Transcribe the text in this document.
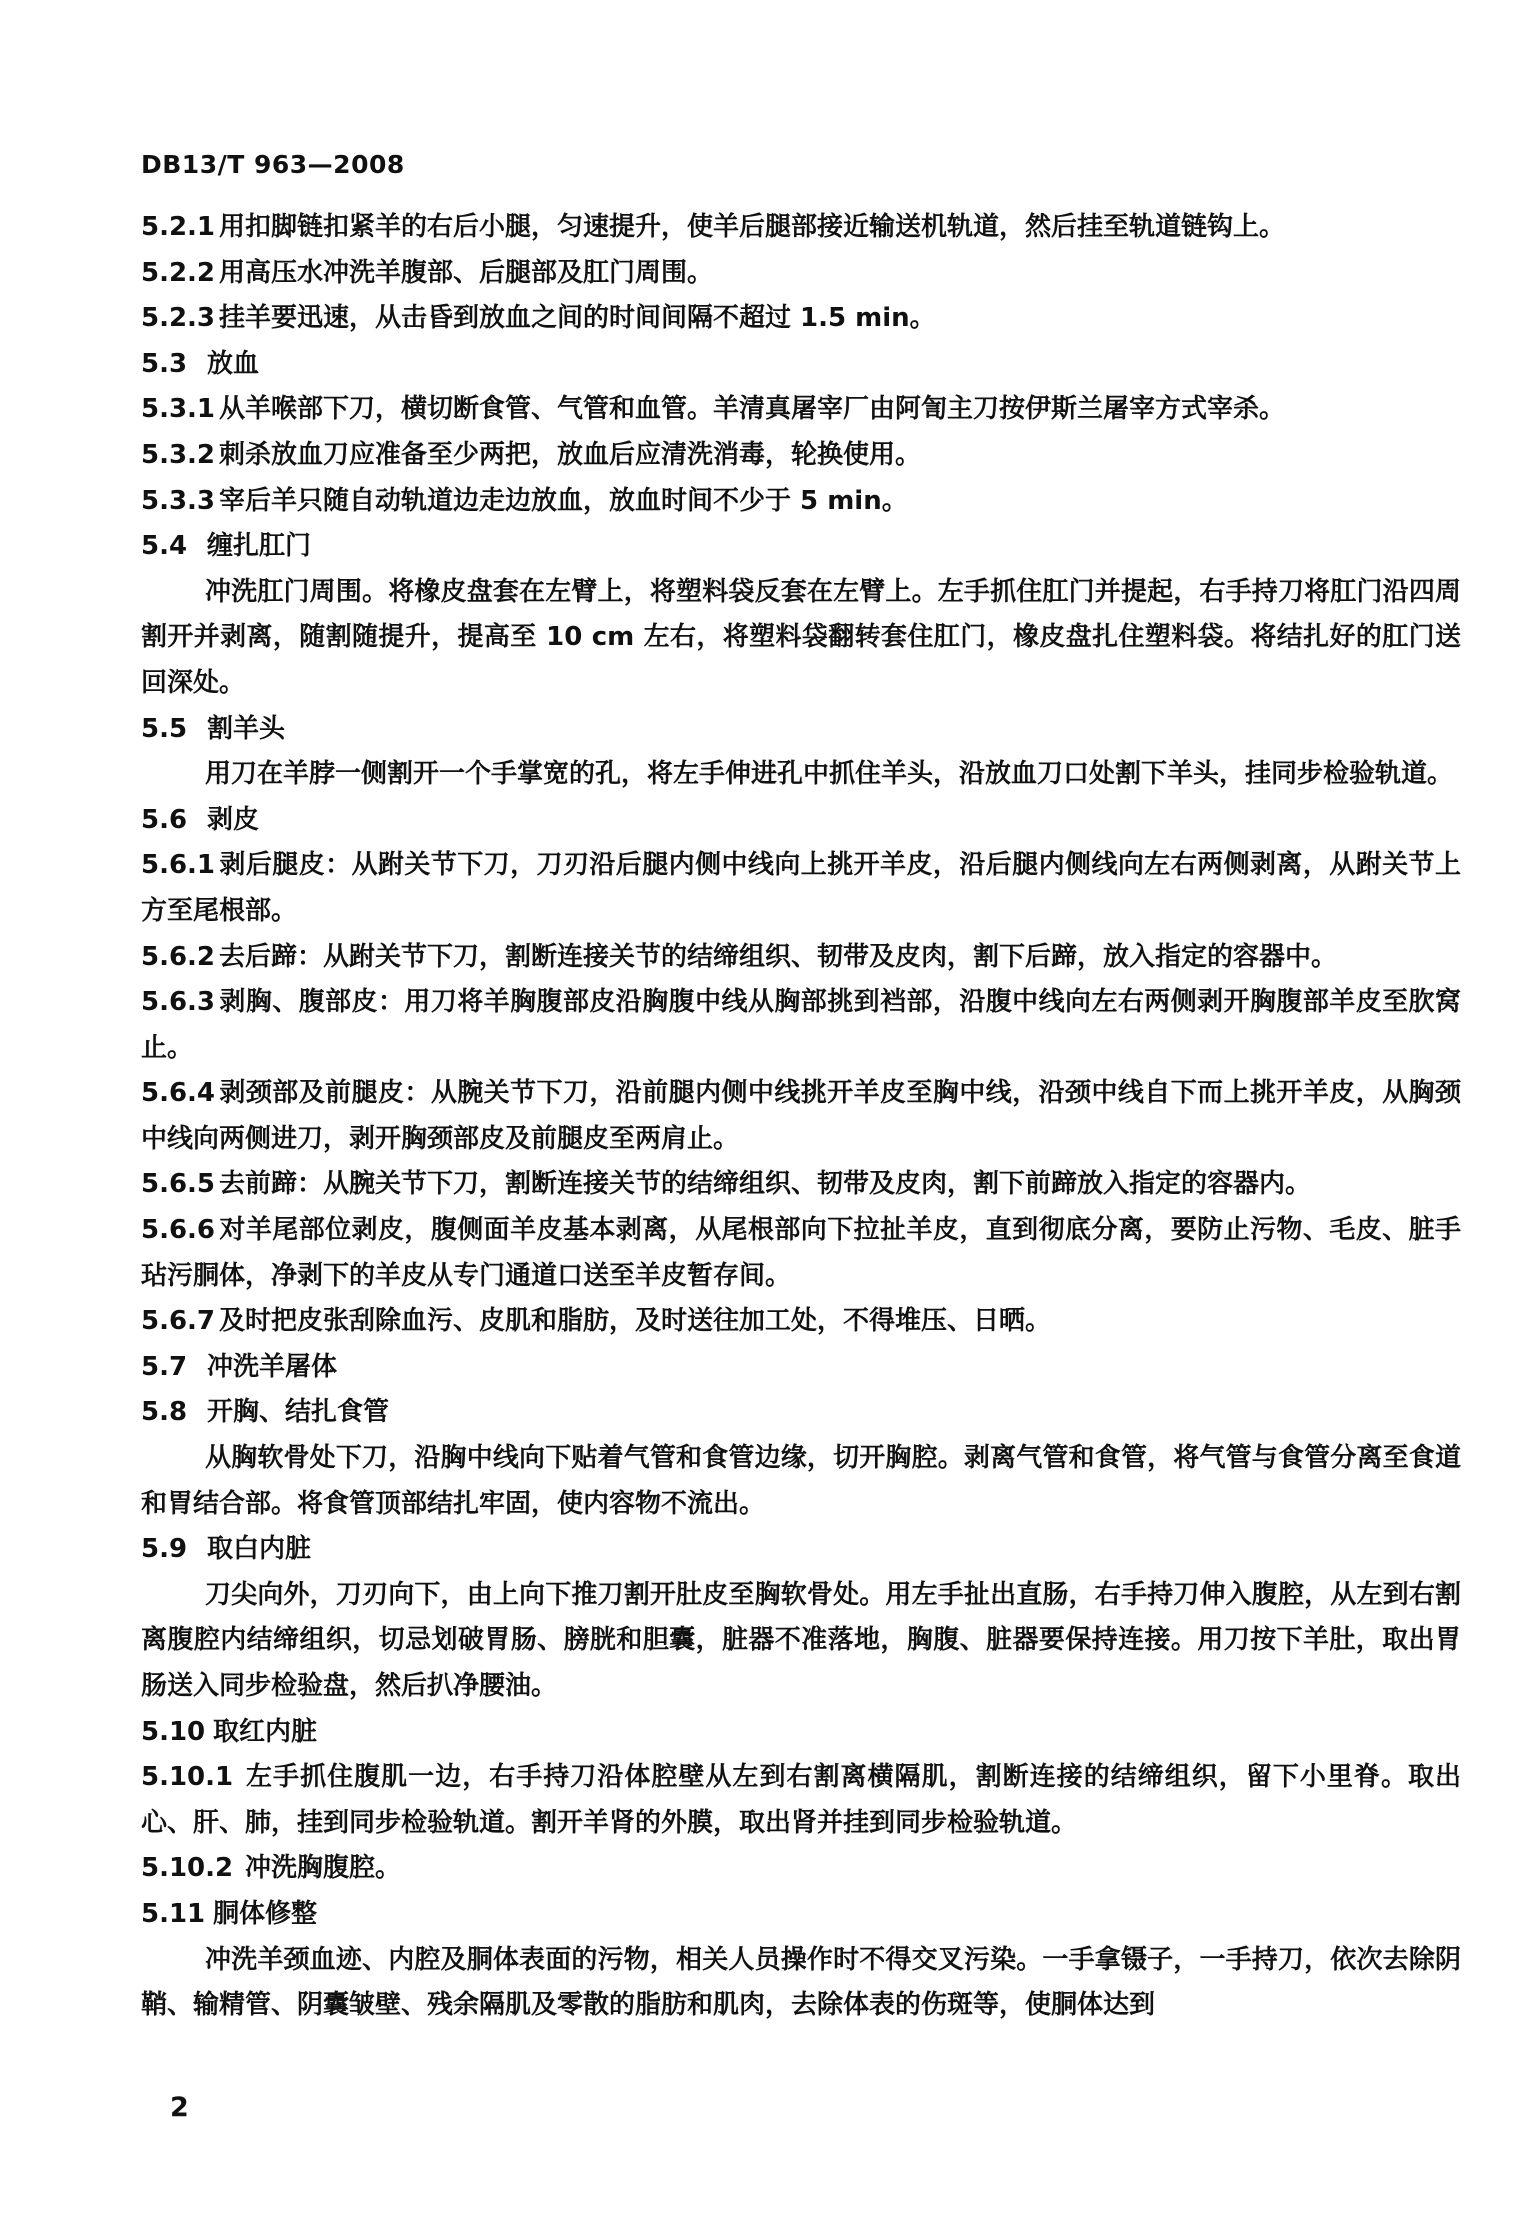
DB13/T 963—2008
5.2.1 用扣脚链扣紧羊的右后小腿，匀速提升，使羊后腿部接近输送机轨道，然后挂至轨道链钩上。
5.2.2 用高压水冲洗羊腹部、后腿部及肛门周围。
5.2.3 挂羊要迅速，从击昏到放血之间的时间间隔不超过 1.5 min。
5.3 放血
5.3.1 从羊喉部下刀，横切断食管、气管和血管。羊清真屠宰厂由阿訇主刀按伊斯兰屠宰方式宰杀。
5.3.2 刺杀放血刀应准备至少两把，放血后应清洗消毒，轮换使用。
5.3.3 宰后羊只随自动轨道边走边放血，放血时间不少于 5 min。
5.4 缠扎肛门
冲洗肛门周围。将橡皮盘套在左臂上，将塑料袋反套在左臂上。左手抓住肛门并提起，右手持刀将肛门沿四周割开并剥离，随割随提升，提高至 10 cm 左右，将塑料袋翻转套住肛门，橡皮盘扎住塑料袋。将结扎好的肛门送回深处。
5.5 割羊头
用刀在羊脖一侧割开一个手掌宽的孔，将左手伸进孔中抓住羊头，沿放血刀口处割下羊头，挂同步检验轨道。
5.6 剥皮
5.6.1 剥后腿皮：从跗关节下刀，刀刃沿后腿内侧中线向上挑开羊皮，沿后腿内侧线向左右两侧剥离，从跗关节上方至尾根部。
5.6.2 去后蹄：从跗关节下刀，割断连接关节的结缔组织、韧带及皮肉，割下后蹄，放入指定的容器中。
5.6.3 剥胸、腹部皮：用刀将羊胸腹部皮沿胸腹中线从胸部挑到裆部，沿腹中线向左右两侧剥开胸腹部羊皮至肷窝止。
5.6.4 剥颈部及前腿皮：从腕关节下刀，沿前腿内侧中线挑开羊皮至胸中线，沿颈中线自下而上挑开羊皮，从胸颈中线向两侧进刀，剥开胸颈部皮及前腿皮至两肩止。
5.6.5 去前蹄：从腕关节下刀，割断连接关节的结缔组织、韧带及皮肉，割下前蹄放入指定的容器内。
5.6.6 对羊尾部位剥皮，腹侧面羊皮基本剥离，从尾根部向下拉扯羊皮，直到彻底分离，要防止污物、毛皮、脏手玷污胴体，净剥下的羊皮从专门通道口送至羊皮暂存间。
5.6.7 及时把皮张刮除血污、皮肌和脂肪，及时送往加工处，不得堆压、日晒。
5.7 冲洗羊屠体
5.8 开胸、结扎食管
从胸软骨处下刀，沿胸中线向下贴着气管和食管边缘，切开胸腔。剥离气管和食管，将气管与食管分离至食道和胃结合部。将食管顶部结扎牢固，使内容物不流出。
5.9 取白内脏
刀尖向外，刀刃向下，由上向下推刀割开肚皮至胸软骨处。用左手扯出直肠，右手持刀伸入腹腔，从左到右割离腹腔内结缔组织，切忌划破胃肠、膀胱和胆囊，脏器不准落地，胸腹、脏器要保持连接。用刀按下羊肚，取出胃肠送入同步检验盘，然后扒净腰油。
5.10 取红内脏
5.10.1 左手抓住腹肌一边，右手持刀沿体腔壁从左到右割离横隔肌，割断连接的结缔组织，留下小里脊。取出心、肝、肺，挂到同步检验轨道。割开羊肾的外膜，取出肾并挂到同步检验轨道。
5.10.2 冲洗胸腹腔。
5.11 胴体修整
冲洗羊颈血迹、内腔及胴体表面的污物，相关人员操作时不得交叉污染。一手拿镊子，一手持刀，依次去除阴鞘、输精管、阴囊皱壁、残余隔肌及零散的脂肪和肌肉，去除体表的伤斑等，使胴体达到
2
